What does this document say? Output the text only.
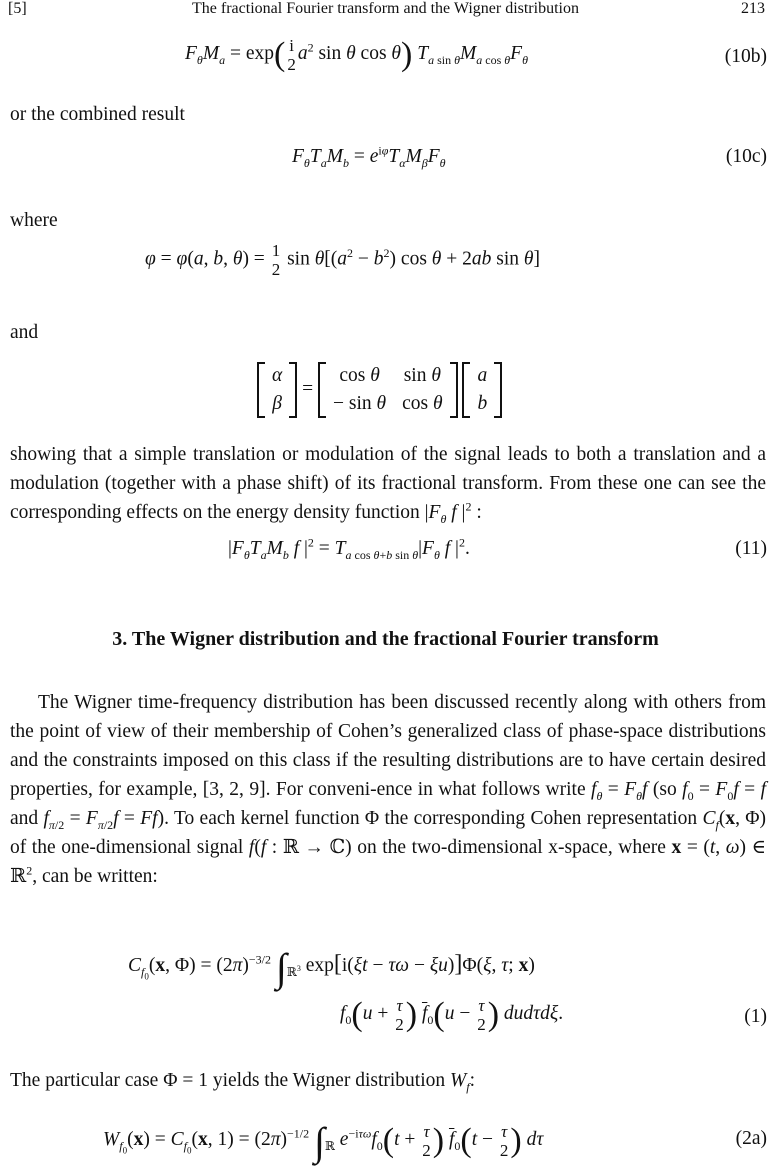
[5]	The fractional Fourier transform and the Wigner distribution	213
$F_\theta M_a = \exp$( i
2
$a^2$ sin θ cos θ) $T_{a sin \theta}M_{a cos \theta}F_\theta$	(10b)
or the combined result
$F_\theta T_aM_b = e^{i\varphi}T_\alpha M_\beta F_\theta$	(10c)
where
φ = φ(a, b, θ) = 1
2
$\sin \theta[(a^2 - b^2)$ cos θ + 2ab sin θ]
and
α
β
=
cos θ	sin θ
− sin θ	cos θ

a
b
showing that a simple translation or modulation of the signal leads to both a translation and a modulation (together with a phase shift) of its fractional transform. From these one can see the corresponding effects on the energy density function $|F_\theta$ f $|^2$ :
$|F_\theta T_aM_b$ f $|^2 = T_{a cos \theta+b sin \theta}|F_\theta$ f $|^2$.	(11)
3. The Wigner distribution and the fractional Fourier transform
The Wigner time-frequency distribution has been discussed recently along with others from the point of view of their membership of Cohen’s generalized class of phase-space distributions and the constraints imposed on this class if the resulting distributions are to have certain desired properties, for example, [3, 2, 9]. For conveni-ence in what follows write $f_\theta = F_\theta f$ (so $f_0 = F_0f = f$ and $f_{\pi/2} = F_{\pi/2}f = Ff$). To each kernel function Φ the corresponding Cohen representation $C_f(x$, Φ) of the one-dimensional signal f(f : ℝ → ℂ) on the two-dimensional x-space, where x = (t, ω) ∈ ℝ$^2$, can be written:
$C_{f_0}(x$, $\Phi) = (2\pi)^{-3/2}$ $\int_{ℝ^3}$ exp[i(ξt − τω − ξu)]Φ(ξ, τ; x)
$f_0(u + \tau$
2 ) $\overline{f}_0(u - \tau$
2 ) dudτdξ.	(1)
The particular case Φ = 1 yields the Wigner distribution $W_f$:
$W_{f_0}(x) = C_{f_0}(x$, $1) = (2\pi)^{-1/2}$ $\int_ℝ$ $e^{-i\tau\omega}f_0(t + \tau$
2 ) $\overline{f}_0(t - \tau$
2 ) dτ	(2a)
